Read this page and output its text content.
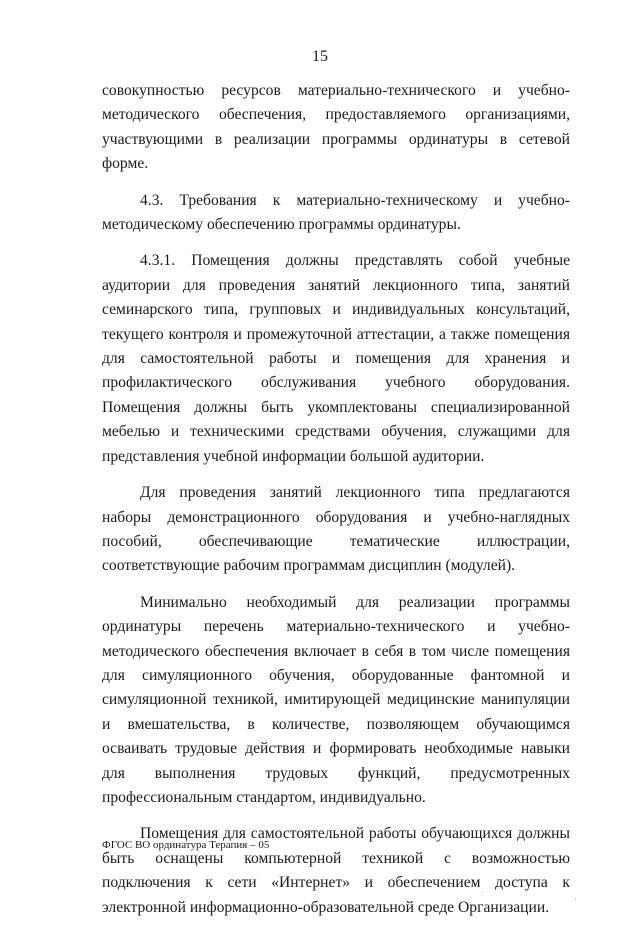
15

совокупностью ресурсов материально-технического и учебно-методического обеспечения, предоставляемого организациями, участвующими в реализации программы ординатуры в сетевой форме.

4.3. Требования к материально-техническому и учебно-методическому обеспечению программы ординатуры.

4.3.1. Помещения должны представлять собой учебные аудитории для проведения занятий лекционного типа, занятий семинарского типа, групповых и индивидуальных консультаций, текущего контроля и промежуточной аттестации, а также помещения для самостоятельной работы и помещения для хранения и профилактического обслуживания учебного оборудования. Помещения должны быть укомплектованы специализированной мебелью и техническими средствами обучения, служащими для представления учебной информации большой аудитории.

Для проведения занятий лекционного типа предлагаются наборы демонстрационного оборудования и учебно-наглядных пособий, обеспечивающие тематические иллюстрации, соответствующие рабочим программам дисциплин (модулей).

Минимально необходимый для реализации программы ординатуры перечень материально-технического и учебно-методического обеспечения включает в себя в том числе помещения для симуляционного обучения, оборудованные фантомной и симуляционной техникой, имитирующей медицинские манипуляции и вмешательства, в количестве, позволяющем обучающимся осваивать трудовые действия и формировать необходимые навыки для выполнения трудовых функций, предусмотренных профессиональным стандартом, индивидуально.

Помещения для самостоятельной работы обучающихся должны быть оснащены компьютерной техникой с возможностью подключения к сети «Интернет» и обеспечением доступа к электронной информационно-образовательной среде Организации.

ФГОС ВО ординатура Терапия – 05
